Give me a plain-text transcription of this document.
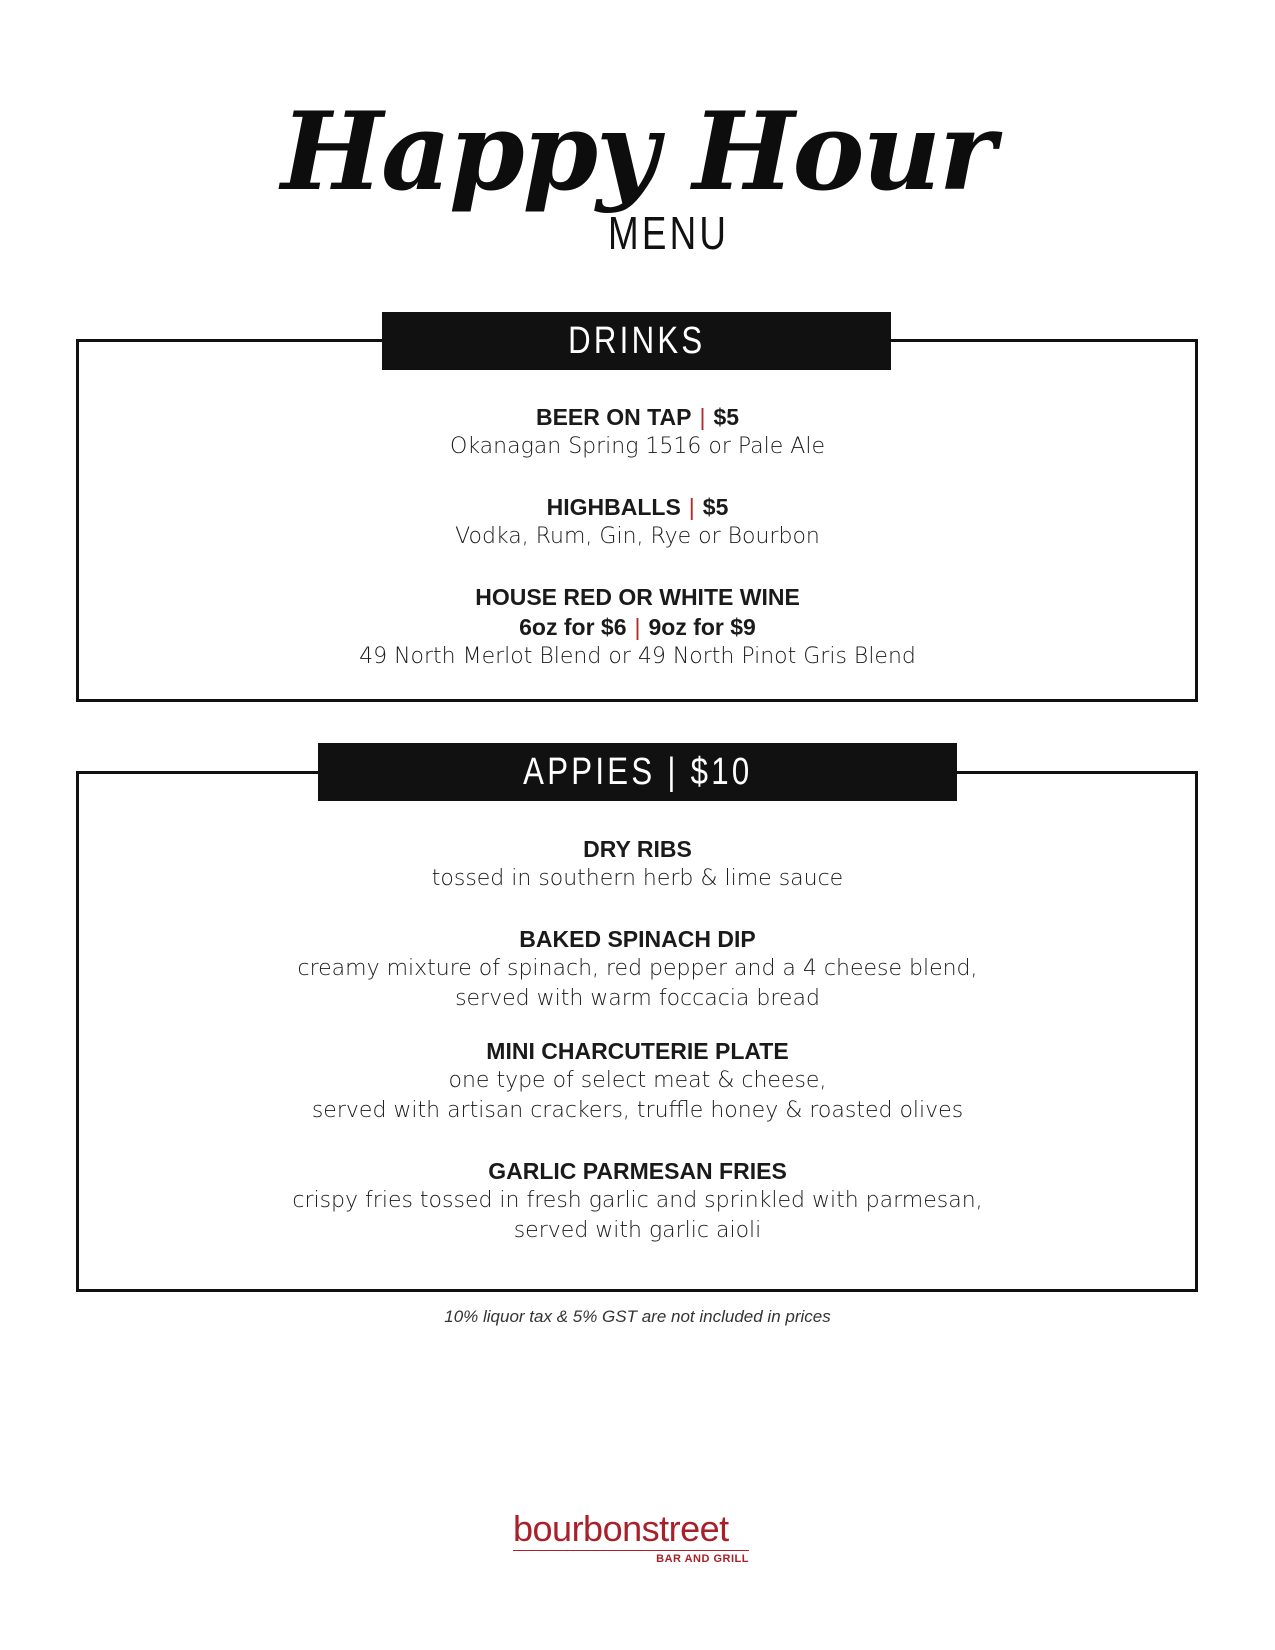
Happy Hour
MENU
DRINKS
BEER ON TAP | $5
Okanagan Spring 1516 or Pale Ale
HIGHBALLS | $5
Vodka, Rum, Gin, Rye or Bourbon
HOUSE RED OR WHITE WINE
6oz for $6 | 9oz for $9
49 North Merlot Blend or 49 North Pinot Gris Blend
APPIES | $10
DRY RIBS
tossed in southern herb & lime sauce
BAKED SPINACH DIP
creamy mixture of spinach, red pepper and a 4 cheese blend,
served with warm foccacia bread
MINI CHARCUTERIE PLATE
one type of select meat & cheese,
served with artisan crackers, truffle honey & roasted olives
GARLIC PARMESAN FRIES
crispy fries tossed in fresh garlic and sprinkled with parmesan,
served with garlic aioli
10% liquor tax & 5% GST are not included in prices
bourbonstreet
BAR AND GRILL
